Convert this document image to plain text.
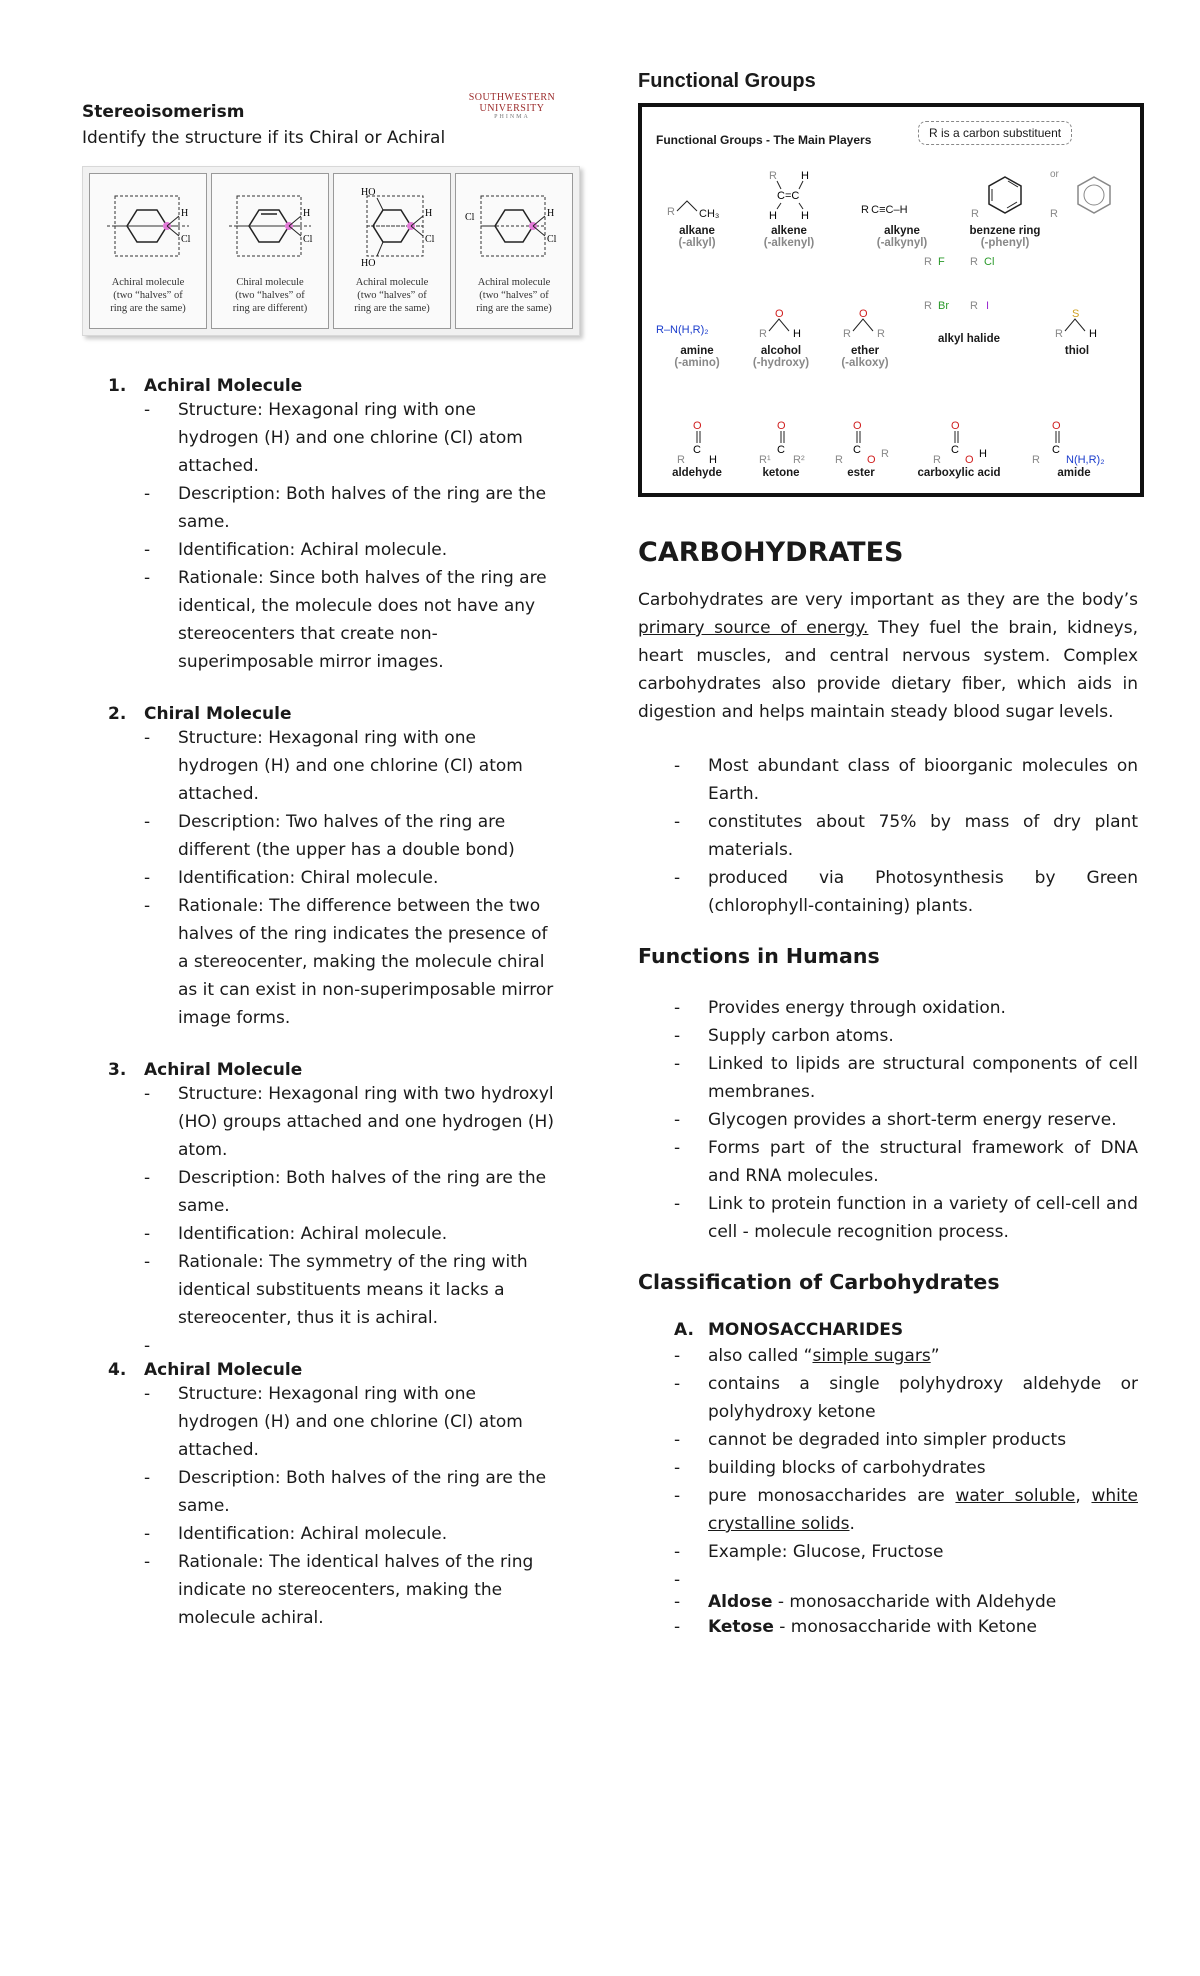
SOUTHWESTERN UNIVERSITY
PHINMA
Stereoisomerism
Identify the structure if its Chiral or Achiral
H
Cl
Achiral molecule
(two “halves” of
ring are the same)
H
Cl
Chiral molecule
(two “halves” of
ring are different)
HO
HO
H
Cl
Achiral molecule
(two “halves” of
ring are the same)
Cl	H
Cl
Achiral molecule
(two “halves” of
ring are the same)
1.	Achiral Molecule
- Structure: Hexagonal ring with one hydrogen (H) and one chlorine (Cl) atom attached.
- Description: Both halves of the ring are the same.
- Identification: Achiral molecule.
- Rationale: Since both halves of the ring are identical, the molecule does not have any stereocenters that create non-superimposable mirror images.
2.	Chiral Molecule
- Structure: Hexagonal ring with one hydrogen (H) and one chlorine (Cl) atom attached.
- Description: Two halves of the ring are different (the upper has a double bond)
- Identification: Chiral molecule.
- Rationale: The difference between the two halves of the ring indicates the presence of a stereocenter, making the molecule chiral as it can exist in non-superimposable mirror image forms.
3.	Achiral Molecule
- Structure: Hexagonal ring with two hydroxyl (HO) groups attached and one hydrogen (H) atom.
- Description: Both halves of the ring are the same.
- Identification: Achiral molecule.
- Rationale: The symmetry of the ring with identical substituents means it lacks a stereocenter, thus it is achiral.
-
4.	Achiral Molecule
- Structure: Hexagonal ring with one hydrogen (H) and one chlorine (Cl) atom attached.
- Description: Both halves of the ring are the same.
- Identification: Achiral molecule.
- Rationale: The identical halves of the ring indicate no stereocenters, making the molecule achiral.
Functional Groups
Functional Groups - The Main Players	R is a carbon substituent
R CH₃
alkane
(-alkyl)
R H
C=C
H H
alkene
(-alkenyl)
R C≡C–H
alkyne
(-alkynyl)
R
benzene ring
(-phenyl)
or
R
R–N(H,R)₂
amine
(-amino)
R
O
H
alcohol
(-hydroxy)
R
O
R
ether
(-alkoxy)
R F R Cl
R Br R I
alkyl halide	R
S
H
thiol
O
C
R H
aldehyde
O
C
R¹ R²
ketone
O
C
R O R
ester
O
C
R O H
carboxylic acid
O
C
R N(H,R)₂
amide
CARBOHYDRATES

Carbohydrates are very important as they are the body’s primary source of energy. They fuel the brain, kidneys, heart muscles, and central nervous system. Complex carbohydrates also provide dietary fiber, which aids in digestion and helps maintain steady blood sugar levels.

- Most abundant class of bioorganic molecules on Earth.
- constitutes about 75% by mass of dry plant materials.
- produced via Photosynthesis by Green (chlorophyll-containing) plants.
Functions in Humans
- Provides energy through oxidation.
- Supply carbon atoms.
- Linked to lipids are structural components of cell membranes.
- Glycogen provides a short-term energy reserve.
- Forms part of the structural framework of DNA and RNA molecules.
- Link to protein function in a variety of cell-cell and cell - molecule recognition process.
Classification of Carbohydrates
A. MONOSACCHARIDES
- also called “simple sugars”
- contains a single polyhydroxy aldehyde or polyhydroxy ketone
- cannot be degraded into simpler products
- building blocks of carbohydrates
- pure monosaccharides are water soluble, white crystalline solids.
- Example: Glucose, Fructose
-
- Aldose - monosaccharide with Aldehyde
- Ketose - monosaccharide with Ketone
